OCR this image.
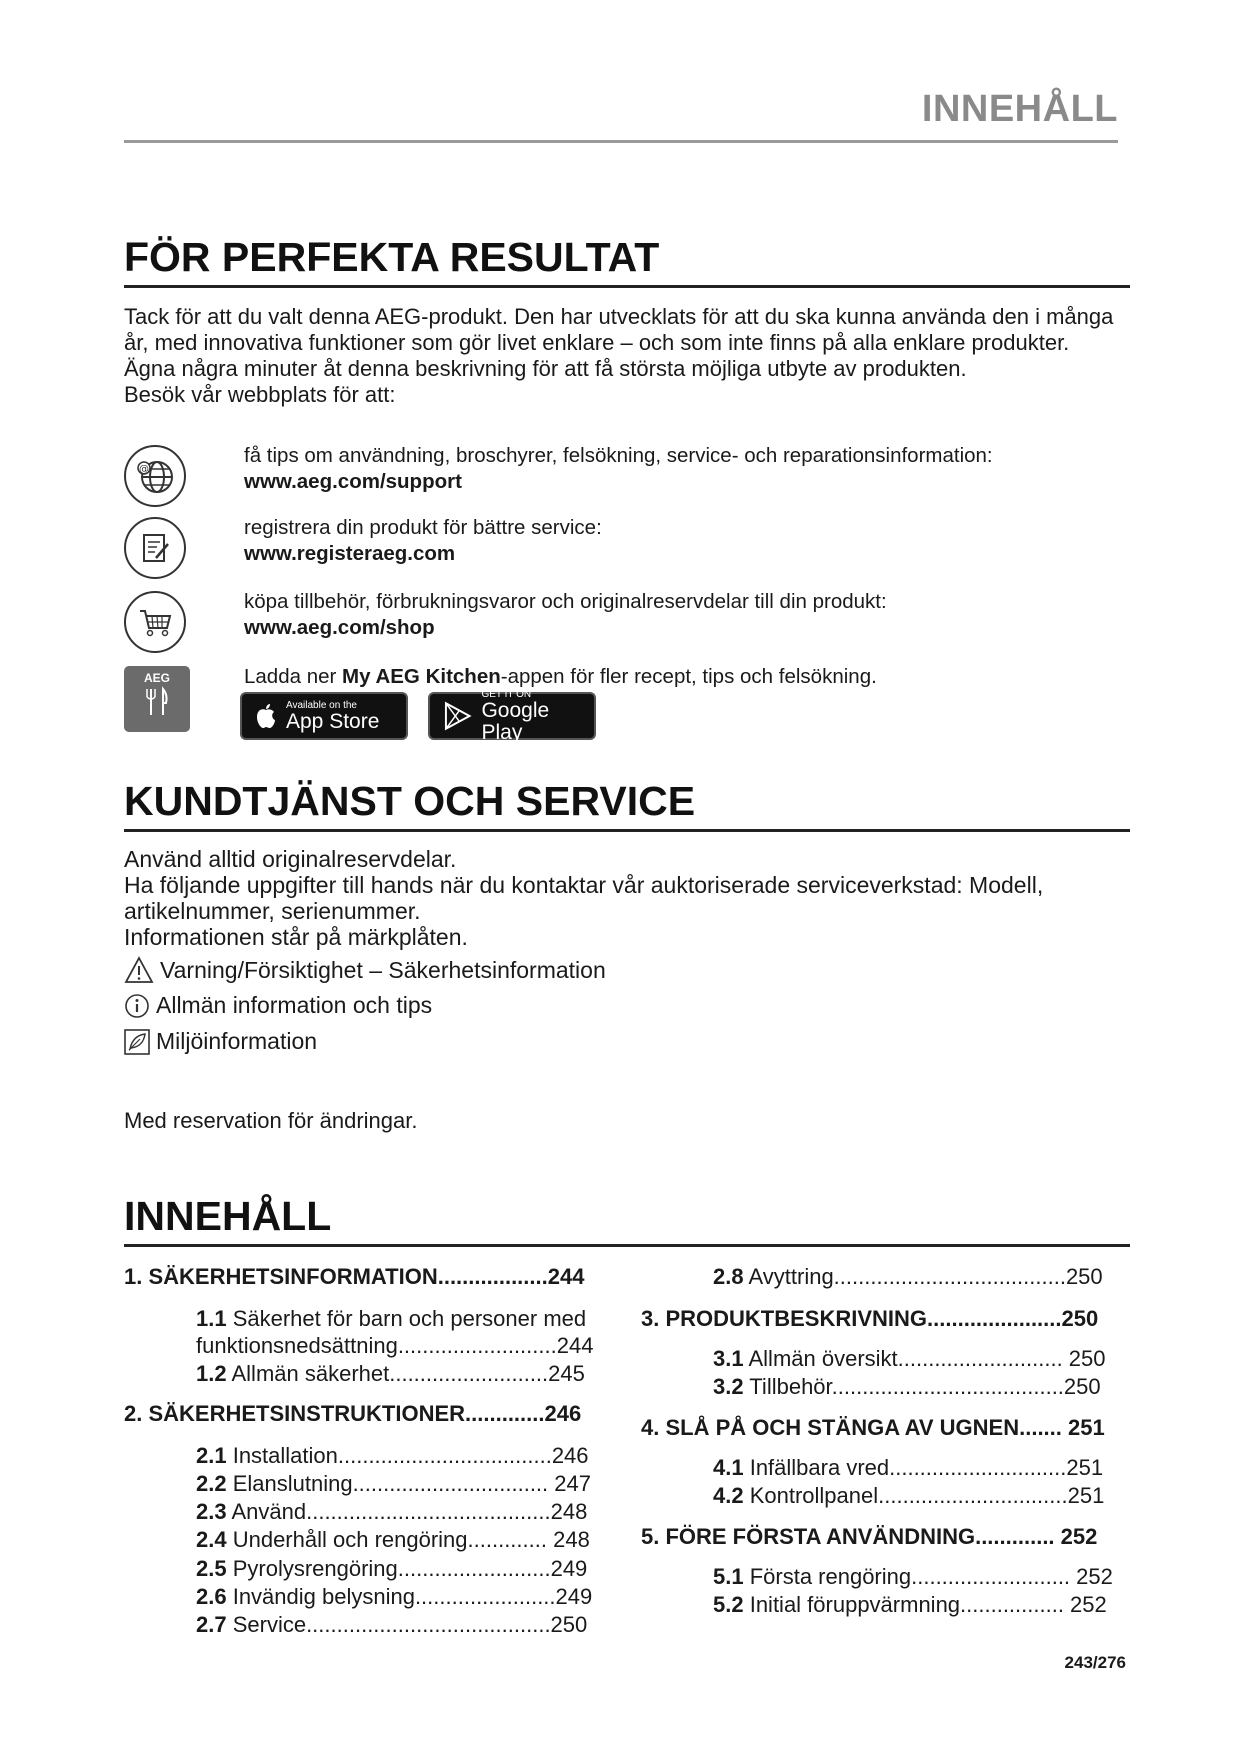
INNEHÅLL
FÖR PERFEKTA RESULTAT

Tack för att du valt denna AEG-produkt. Den har utvecklats för att du ska kunna använda den i många år, med innovativa funktioner som gör livet enklare – och som inte finns på alla enklare produkter. Ägna några minuter åt denna beskrivning för att få största möjliga utbyte av produkten.

Besök vår webbplats för att:

@
få tips om användning, broschyrer, felsökning, service- och reparationsinformation:
www.aeg.com/support
registrera din produkt för bättre service:
www.registeraeg.com
köpa tillbehör, förbrukningsvaror och originalreservdelar till din produkt:
www.aeg.com/shop
AEG	Ladda ner My AEG Kitchen-appen för fler recept, tips och felsökning.
Available on the
App Store
GET IT ON
Google Play
KUNDTJÄNST OCH SERVICE

Använd alltid originalreservdelar.

Ha följande uppgifter till hands när du kontaktar vår auktoriserade serviceverkstad: Modell, artikelnummer, serienummer.

Informationen står på märkplåten.

Varning/Försiktighet – Säkerhetsinformation
Allmän information och tips
Miljöinformation
Med reservation för ändringar.
INNEHÅLL
1. SÄKERHETSINFORMATION..................244
1.1 Säkerhet för barn och personer med
funktionsnedsättning..........................244
1.2 Allmän säkerhet..........................245
2. SÄKERHETSINSTRUKTIONER.............246
2.1 Installation...................................246
2.2 Elanslutning................................ 247
2.3 Använd........................................248
2.4 Underhåll och rengöring............. 248
2.5 Pyrolysrengöring.........................249
2.6 Invändig belysning.......................249
2.7 Service........................................250
2.8 Avyttring......................................250
3. PRODUKTBESKRIVNING......................250
3.1 Allmän översikt........................... 250
3.2 Tillbehör......................................250
4. SLÅ PÅ OCH STÄNGA AV UGNEN....... 251
4.1 Infällbara vred.............................251
4.2 Kontrollpanel...............................251
5. FÖRE FÖRSTA ANVÄNDNING............. 252
5.1 Första rengöring.......................... 252
5.2 Initial föruppvärmning................. 252
243/276
